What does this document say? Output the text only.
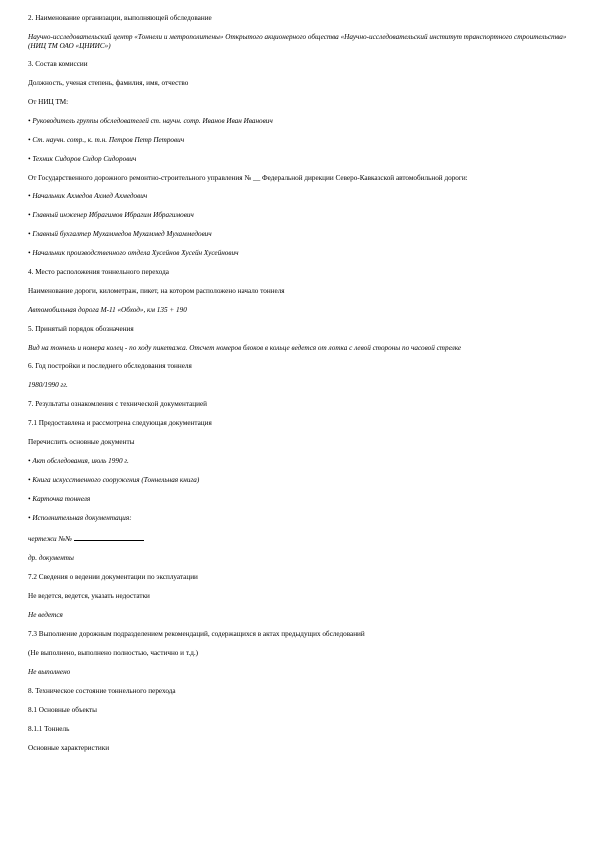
2. Наименование организации, выполняющей обследование

Научно-исследовательский центр «Тоннели и метрополитены» Открытого акционерного общества «Научно-исследовательский институт транспортного строительства» (НИЦ ТМ ОАО «ЦНИИС»)

3. Состав комиссии

Должность, ученая степень, фамилия, имя, отчество

От НИЦ ТМ:

• Руководитель группы обследователей ст. научн. сотр. Иванов Иван Иванович

• Ст. научн. сотр., к. т.н. Петров Петр Петрович

• Техник Сидоров Сидор Сидорович

От Государственного дорожного ремонтно-строительного управления № __ Федеральной дирекции Северо-Кавказской автомобильной дороги:

• Начальник Ахмедов Ахмед Ахмедович

• Главный инженер Ибрагимов Ибрагим Ибрагимович

• Главный бухгалтер Мухаммедов Мухаммед Мухаммедович

• Начальник производственного отдела Хусейнов Хусейн Хусейнович

4. Место расположения тоннельного перехода

Наименование дороги, километраж, пикет, на котором расположено начало тоннеля

Автомобильная дорога М-11 «Обход», км 135 + 190

5. Принятый порядок обозначения

Вид на тоннель и номера колец - по ходу пикетажа. Отсчет номеров блоков в кольце ведется от лотка с левой стороны по часовой стрелке

6. Год постройки и последнего обследования тоннеля

1980/1990 гг.

7. Результаты ознакомления с технической документацией

7.1 Предоставлена и рассмотрена следующая документация

Перечислить основные документы

• Акт обследования, июль 1990 г.

• Книга искусственного сооружения (Тоннельная книга)

• Карточка тоннеля

• Исполнительная документация:

чертежи №№

др. документы

7.2 Сведения о ведении документации по эксплуатации

Не ведется, ведется, указать недостатки

Не ведется

7.3 Выполнение дорожным подразделением рекомендаций, содержащихся в актах предыдущих обследований

(Не выполнено, выполнено полностью, частично и т.д.)

Не выполнено

8. Техническое состояние тоннельного перехода

8.1 Основные объекты

8.1.1 Тоннель

Основные характеристики
